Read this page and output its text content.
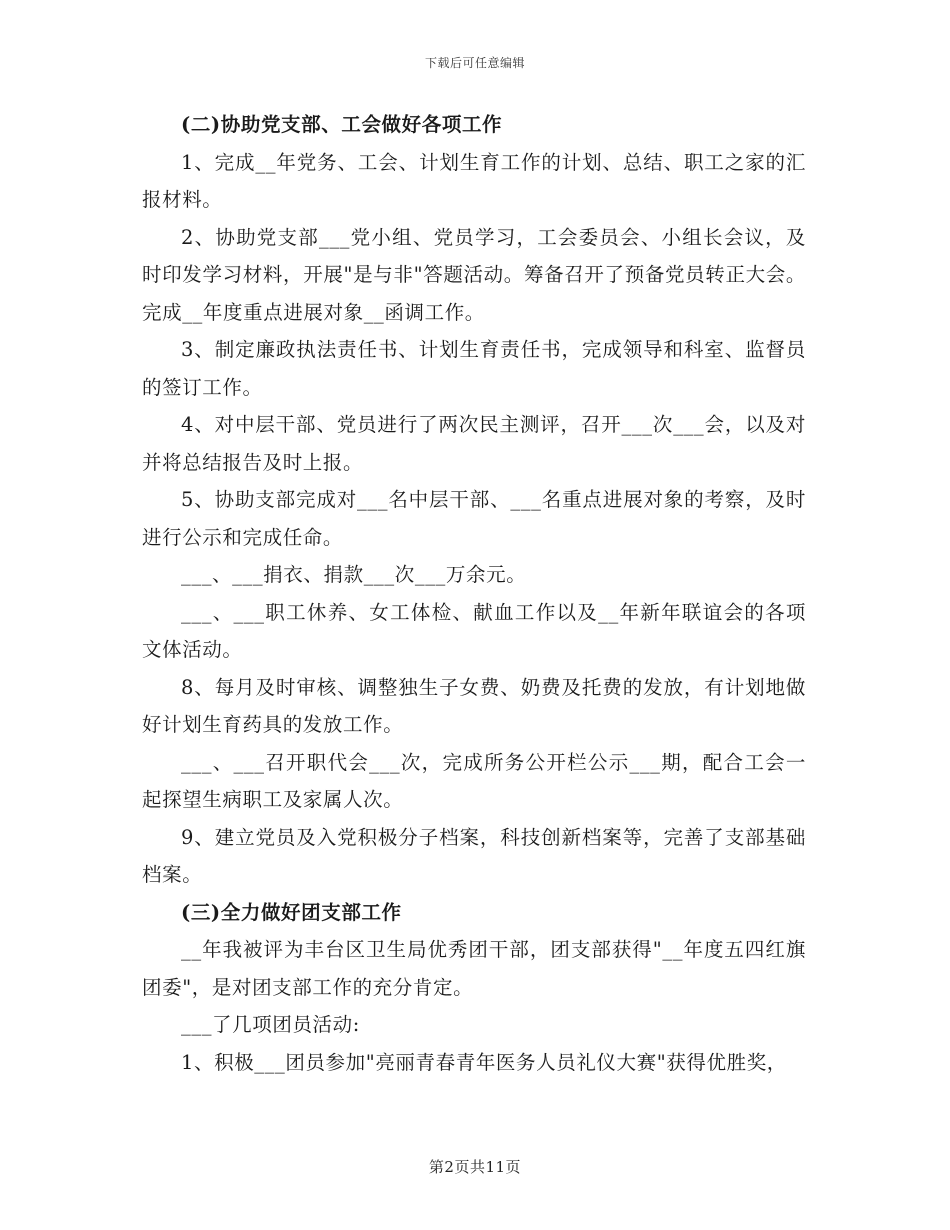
下载后可任意编辑

(二)协助党支部、工会做好各项工作

1、完成__年党务、工会、计划生育工作的计划、总结、职工之家的汇报材料。

2、协助党支部___党小组、党员学习，工会委员会、小组长会议，及时印发学习材料，开展"是与非"答题活动。筹备召开了预备党员转正大会。完成__年度重点进展对象__函调工作。

3、制定廉政执法责任书、计划生育责任书，完成领导和科室、监督员的签订工作。

4、对中层干部、党员进行了两次民主测评，召开___次___会，以及对并将总结报告及时上报。

5、协助支部完成对___名中层干部、___名重点进展对象的考察，及时进行公示和完成任命。

___、___捐衣、捐款___次___万余元。

___、___职工休养、女工体检、献血工作以及__年新年联谊会的各项文体活动。

8、每月及时审核、调整独生子女费、奶费及托费的发放，有计划地做好计划生育药具的发放工作。

___、___召开职代会___次，完成所务公开栏公示___期，配合工会一起探望生病职工及家属人次。

9、建立党员及入党积极分子档案，科技创新档案等，完善了支部基础档案。

(三)全力做好团支部工作

__年我被评为丰台区卫生局优秀团干部，团支部获得"__年度五四红旗团委"，是对团支部工作的充分肯定。

___了几项团员活动:

1、积极___团员参加"亮丽青春青年医务人员礼仪大赛"获得优胜奖，

第2页共11页
